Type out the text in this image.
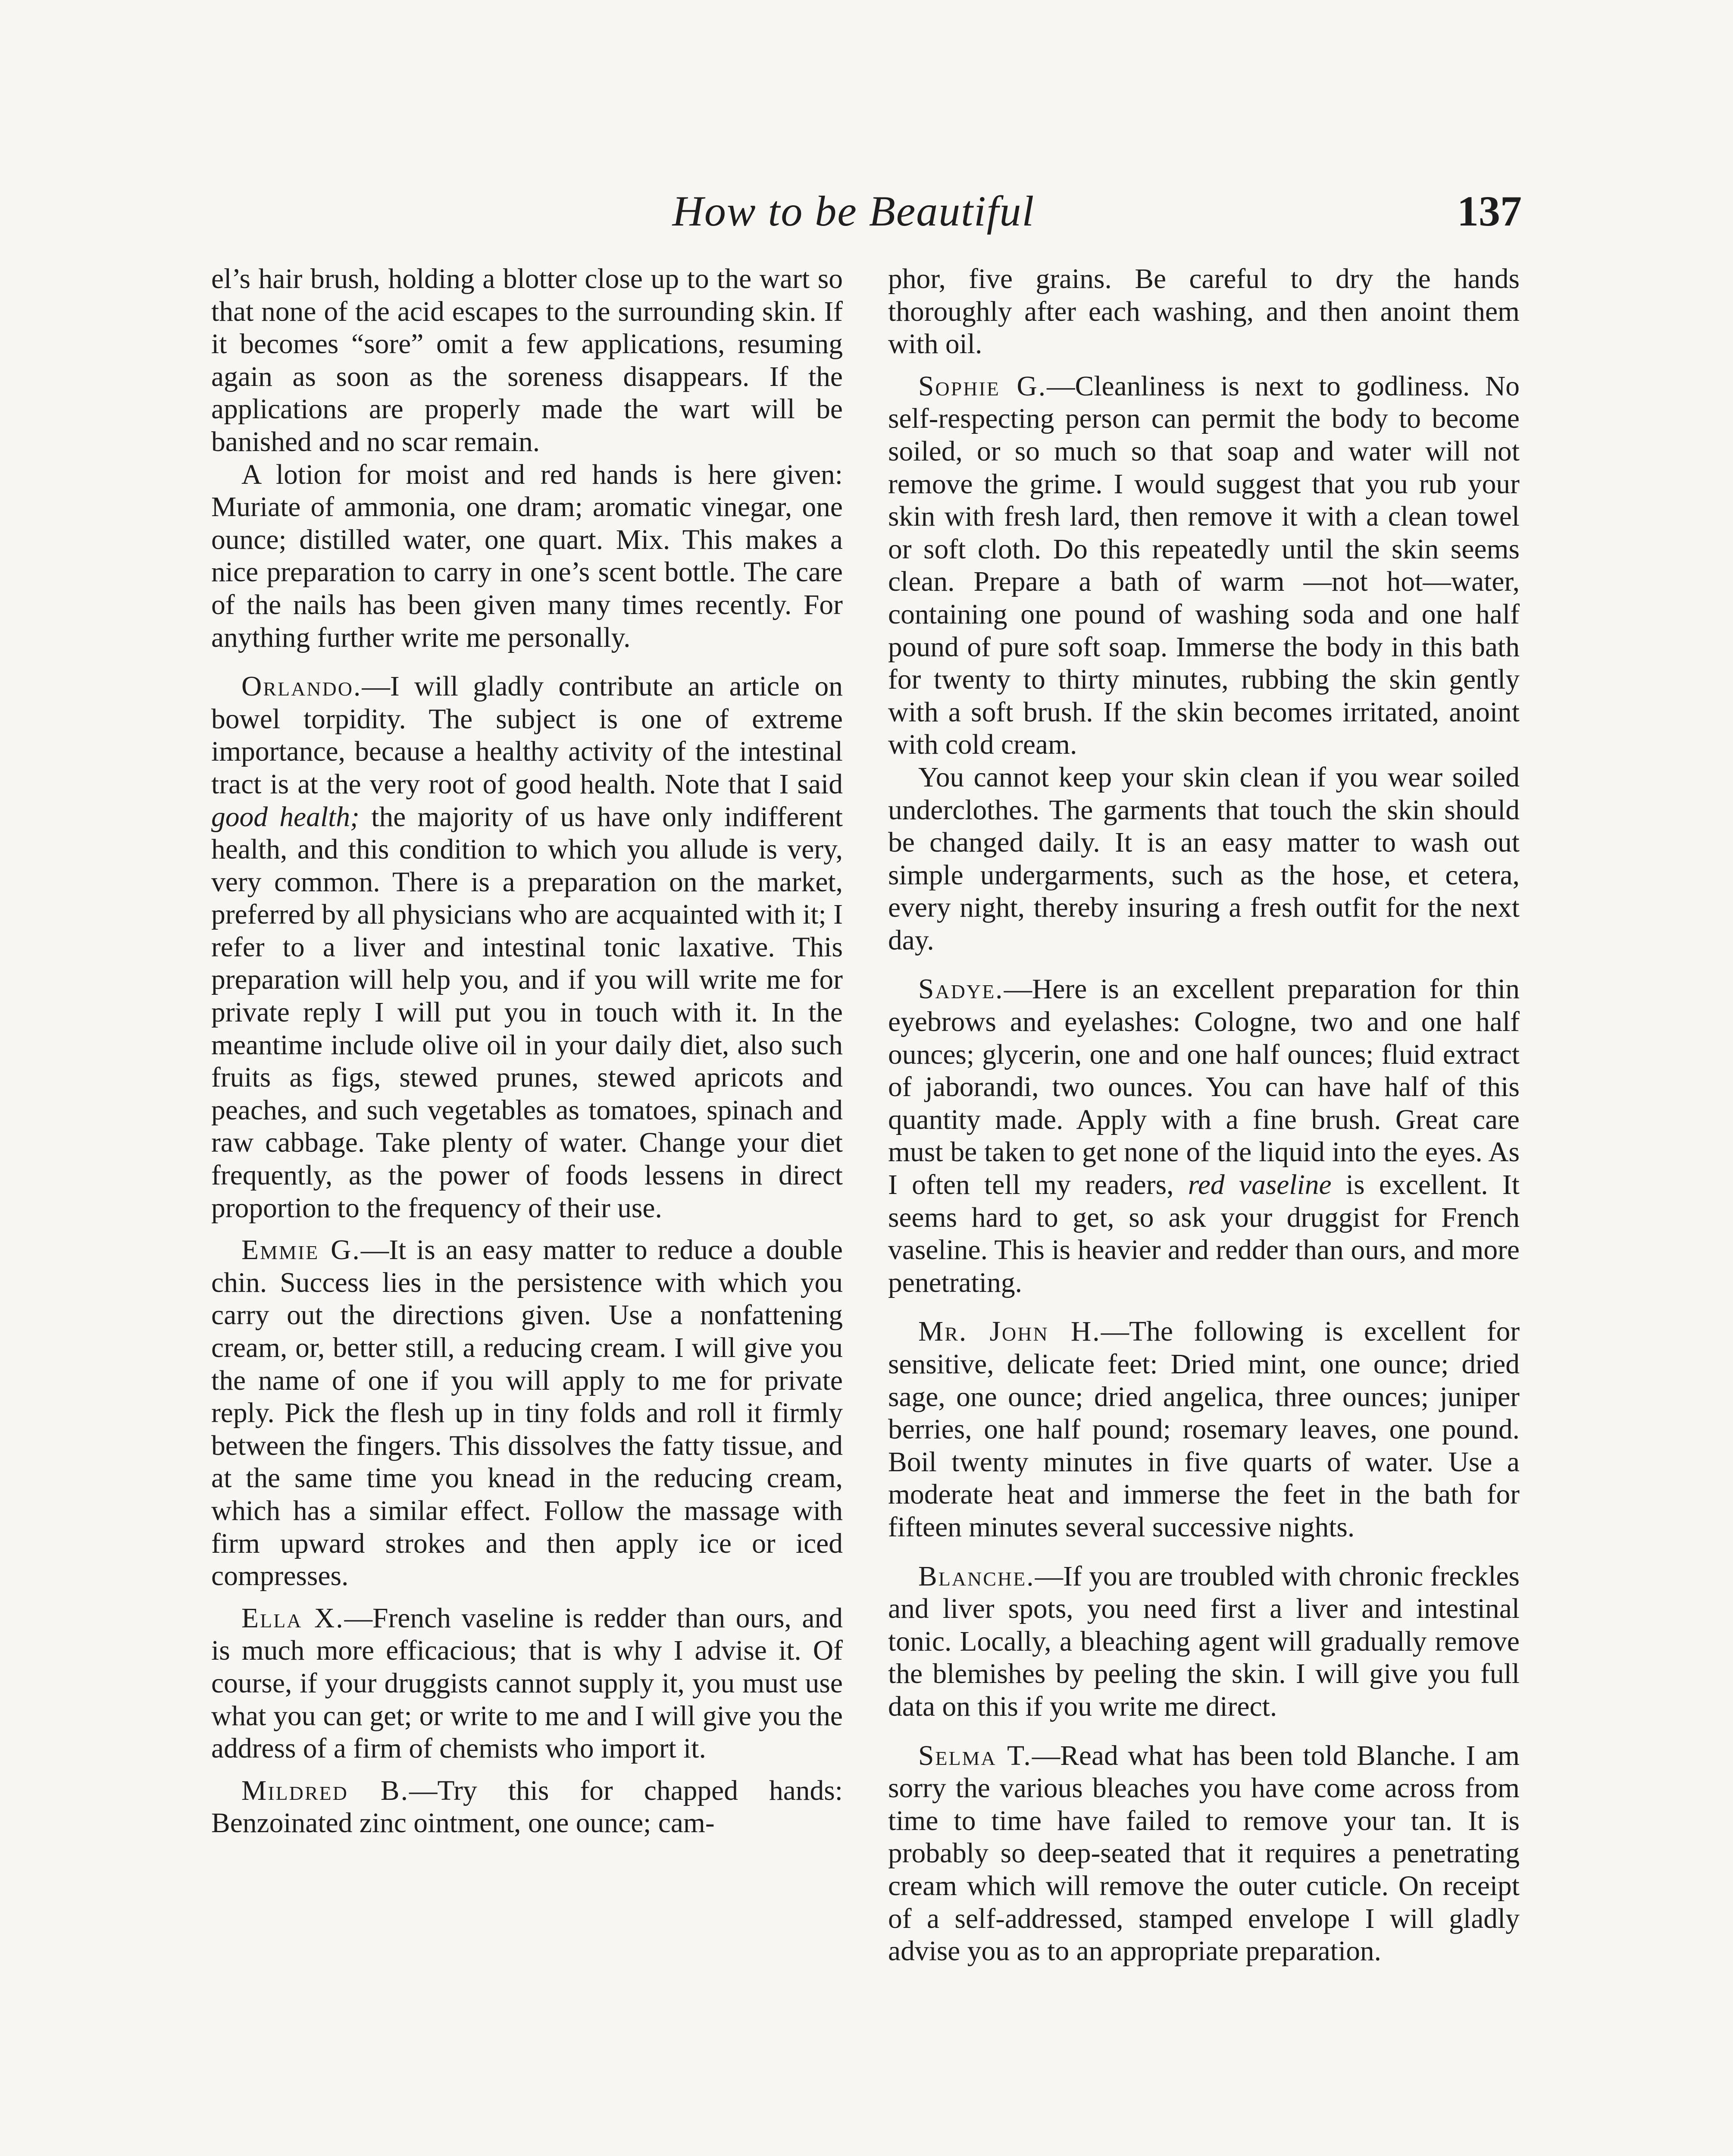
How to be Beautiful	137

el’s hair brush, holding a blotter close up to the wart so that none of the acid escapes to the surrounding skin. If it becomes “sore” omit a few applications, resuming again as soon as the soreness disappears. If the applications are properly made the wart will be banished and no scar remain.

A lotion for moist and red hands is here given: Muriate of ammonia, one dram; aromatic vinegar, one ounce; distilled water, one quart. Mix. This makes a nice preparation to carry in one’s scent bottle. The care of the nails has been given many times recently. For anything further write me personally.

Orlando.—I will gladly contribute an article on bowel torpidity. The subject is one of extreme importance, because a healthy activity of the intestinal tract is at the very root of good health. Note that I said good health; the majority of us have only indifferent health, and this condition to which you allude is very, very common. There is a preparation on the market, preferred by all physicians who are acquainted with it; I refer to a liver and intestinal tonic laxative. This preparation will help you, and if you will write me for private reply I will put you in touch with it. In the meantime include olive oil in your daily diet, also such fruits as figs, stewed prunes, stewed apricots and peaches, and such vegetables as tomatoes, spinach and raw cabbage. Take plenty of water. Change your diet frequently, as the power of foods lessens in direct proportion to the frequency of their use.

Emmie G.—It is an easy matter to reduce a double chin. Success lies in the persistence with which you carry out the directions given. Use a nonfattening cream, or, better still, a reducing cream. I will give you the name of one if you will apply to me for private reply. Pick the flesh up in tiny folds and roll it firmly between the fingers. This dissolves the fatty tissue, and at the same time you knead in the reducing cream, which has a similar effect. Follow the massage with firm upward strokes and then apply ice or iced compresses.

Ella X.—French vaseline is redder than ours, and is much more efficacious; that is why I advise it. Of course, if your druggists cannot supply it, you must use what you can get; or write to me and I will give you the address of a firm of chemists who import it.

Mildred B.—Try this for chapped hands: Benzoinated zinc ointment, one ounce; cam-

phor, five grains. Be careful to dry the hands thoroughly after each washing, and then anoint them with oil.

Sophie G.—Cleanliness is next to godliness. No self-respecting person can permit the body to become soiled, or so much so that soap and water will not remove the grime. I would suggest that you rub your skin with fresh lard, then remove it with a clean towel or soft cloth. Do this repeatedly until the skin seems clean. Prepare a bath of warm —not hot—water, containing one pound of washing soda and one half pound of pure soft soap. Immerse the body in this bath for twenty to thirty minutes, rubbing the skin gently with a soft brush. If the skin becomes irritated, anoint with cold cream.

You cannot keep your skin clean if you wear soiled underclothes. The garments that touch the skin should be changed daily. It is an easy matter to wash out simple undergarments, such as the hose, et cetera, every night, thereby insuring a fresh outfit for the next day.

Sadye.—Here is an excellent preparation for thin eyebrows and eyelashes: Cologne, two and one half ounces; glycerin, one and one half ounces; fluid extract of jaborandi, two ounces. You can have half of this quantity made. Apply with a fine brush. Great care must be taken to get none of the liquid into the eyes. As I often tell my readers, red vaseline is excellent. It seems hard to get, so ask your druggist for French vaseline. This is heavier and redder than ours, and more penetrating.

Mr. John H.—The following is excellent for sensitive, delicate feet: Dried mint, one ounce; dried sage, one ounce; dried angelica, three ounces; juniper berries, one half pound; rosemary leaves, one pound. Boil twenty minutes in five quarts of water. Use a moderate heat and immerse the feet in the bath for fifteen minutes several successive nights.

Blanche.—If you are troubled with chronic freckles and liver spots, you need first a liver and intestinal tonic. Locally, a bleaching agent will gradually remove the blemishes by peeling the skin. I will give you full data on this if you write me direct.

Selma T.—Read what has been told Blanche. I am sorry the various bleaches you have come across from time to time have failed to remove your tan. It is probably so deep-seated that it requires a penetrating cream which will remove the outer cuticle. On receipt of a self-addressed, stamped envelope I will gladly advise you as to an appropriate preparation.
